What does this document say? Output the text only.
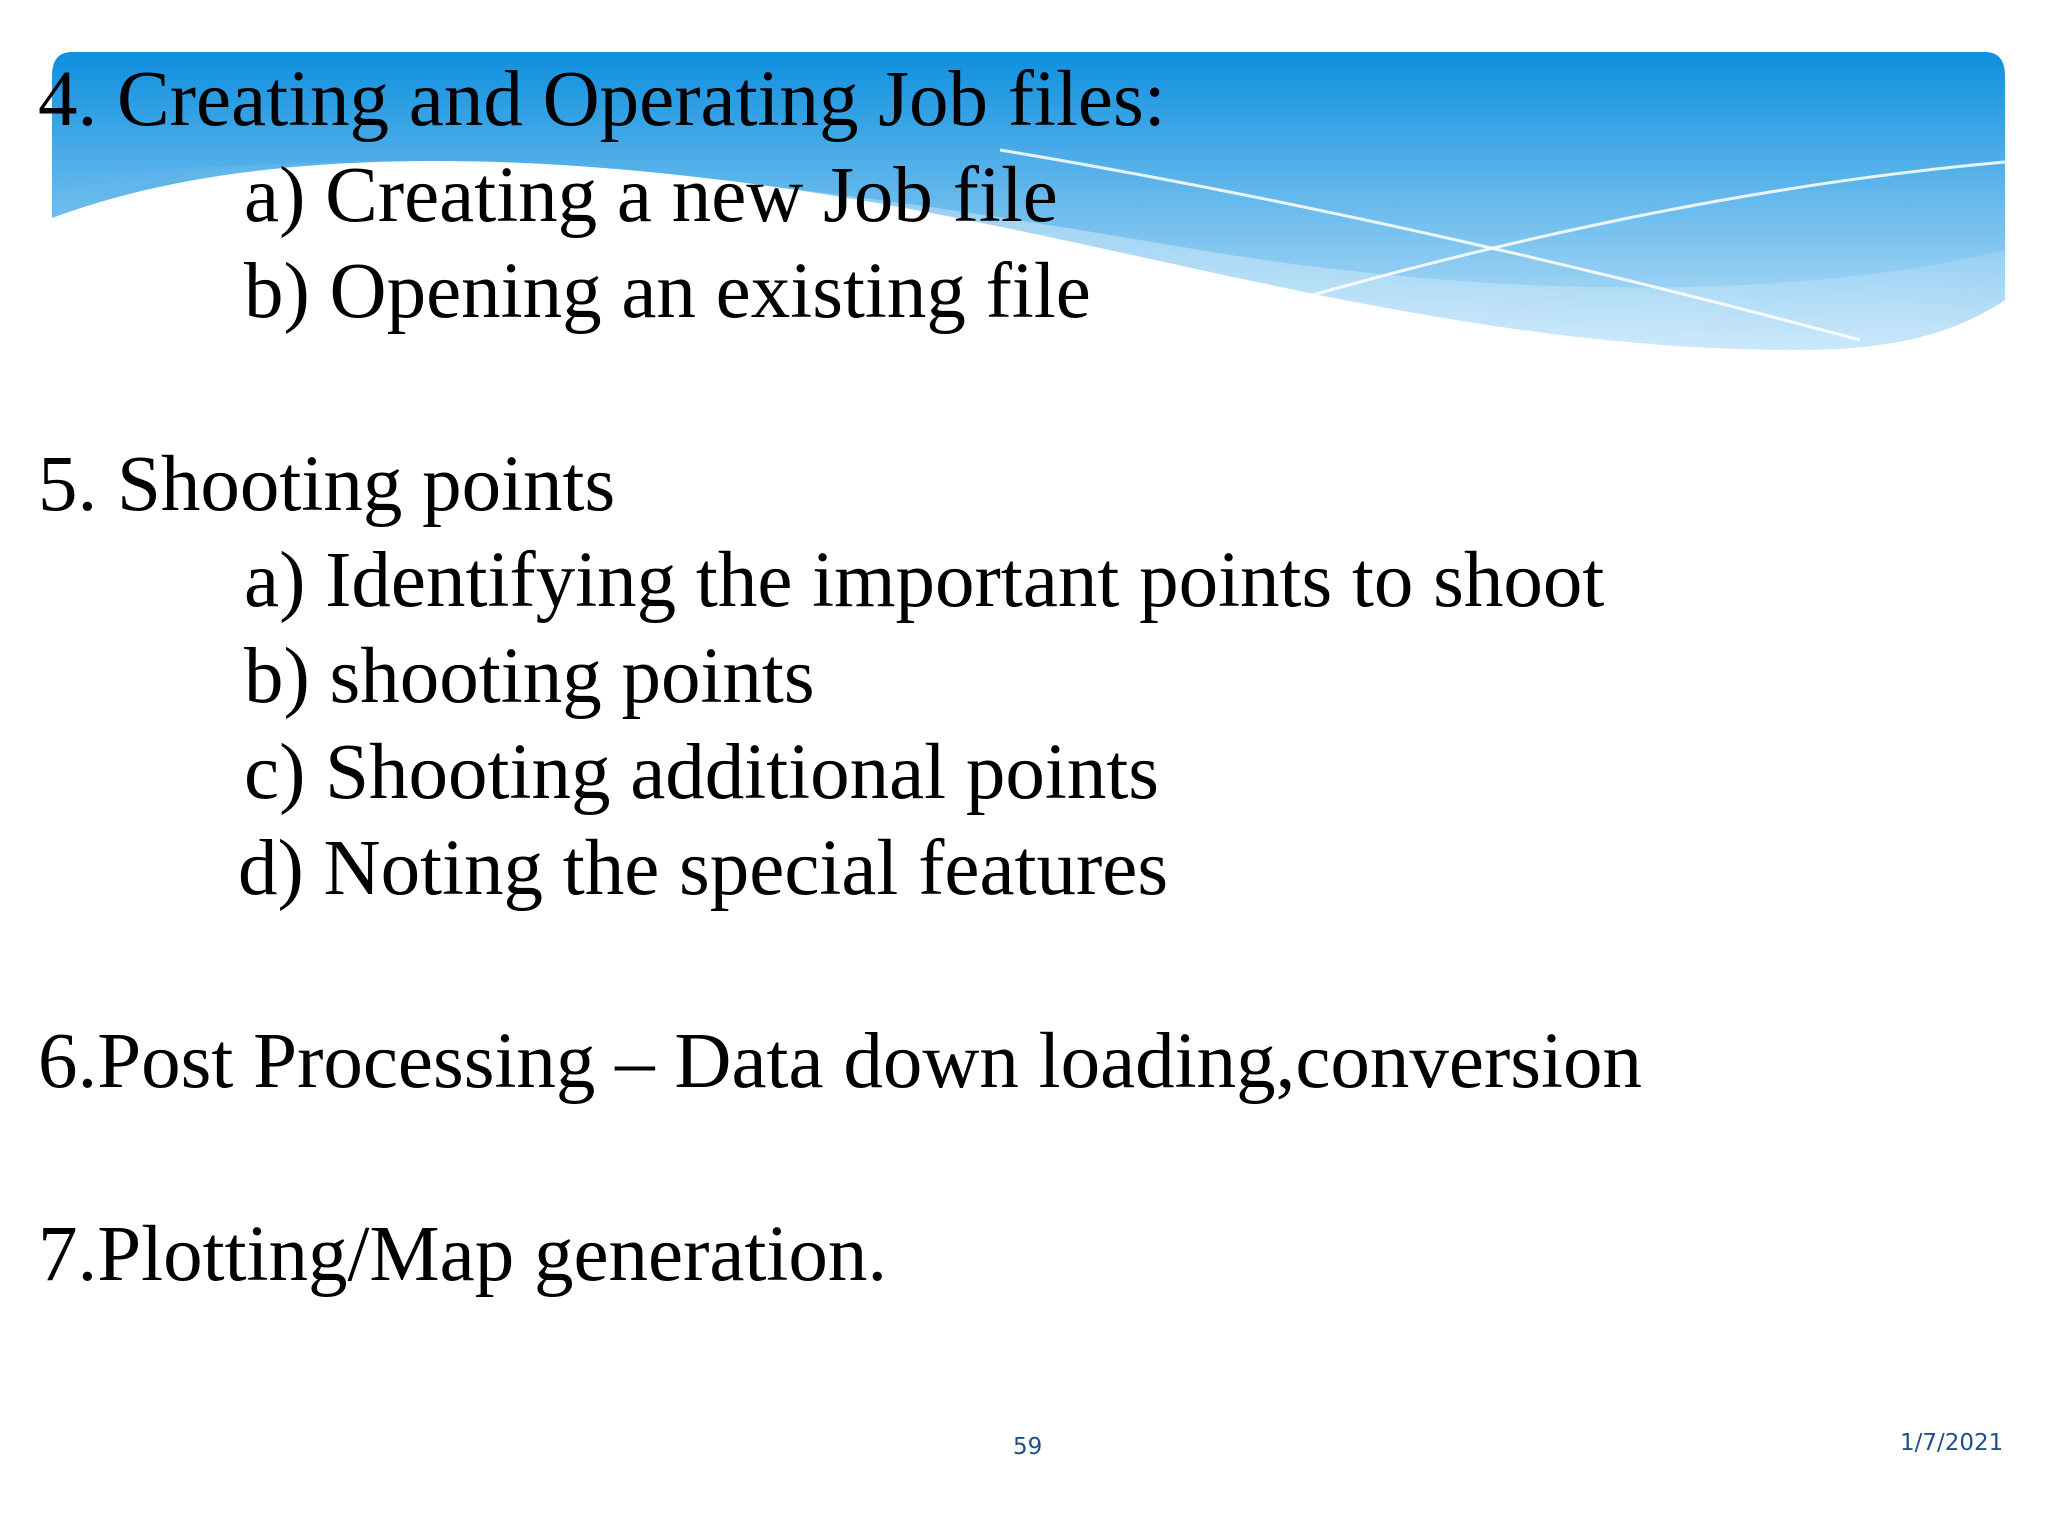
4. Creating and Operating Job files:
a) Creating a new Job file
b) Opening an existing file
5. Shooting points
a) Identifying the important points to shoot
b) shooting points
c) Shooting additional points
d) Noting the special features
6.Post Processing – Data down loading,conversion
7.Plotting/Map generation.
59	1/7/2021
